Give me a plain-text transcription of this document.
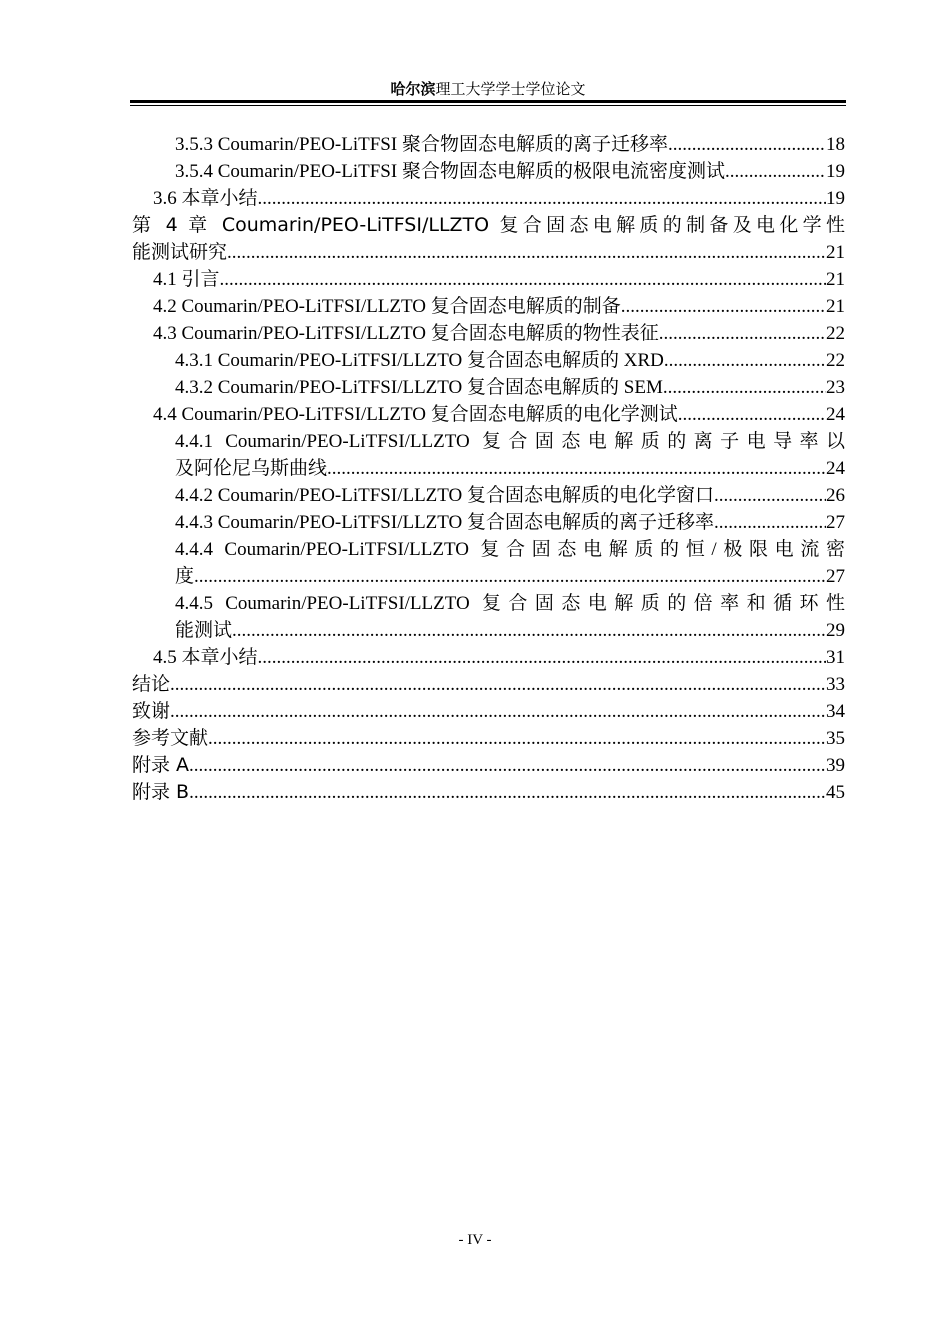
哈尔滨理工大学学士学位论文
3.5.3 Coumarin/PEO-LiTFSI 聚合物固态电解质的离子迁移率 .....	18
3.5.4 Coumarin/PEO-LiTFSI 聚合物固态电解质的极限电流密度测试 .....	19
3.6 本章小结 .....	19
第 4 章 Coumarin/PEO-LiTFSI/LLZTO 复合固态电解质的制备及电化学性
能测试研究 .....	21
4.1 引言 .....	21
4.2 Coumarin/PEO-LiTFSI/LLZTO 复合固态电解质的制备 .....	21
4.3 Coumarin/PEO-LiTFSI/LLZTO 复合固态电解质的物性表征 .....	22
4.3.1 Coumarin/PEO-LiTFSI/LLZTO 复合固态电解质的 XRD .....	22
4.3.2 Coumarin/PEO-LiTFSI/LLZTO 复合固态电解质的 SEM .....	23
4.4 Coumarin/PEO-LiTFSI/LLZTO 复合固态电解质的电化学测试 .....	24
4.4.1 Coumarin/PEO-LiTFSI/LLZTO 复合固态电解质的离子电导率以
及阿伦尼乌斯曲线 .....	24
4.4.2 Coumarin/PEO-LiTFSI/LLZTO 复合固态电解质的电化学窗口 .....	26
4.4.3 Coumarin/PEO-LiTFSI/LLZTO 复合固态电解质的离子迁移率 .....	27
4.4.4 Coumarin/PEO-LiTFSI/LLZTO 复合固态电解质的恒/极限电流密
度 .....	27
4.4.5 Coumarin/PEO-LiTFSI/LLZTO 复合固态电解质的倍率和循环性
能测试 .....	29
4.5 本章小结 .....	31
结论 .....	33
致谢 .....	34
参考文献 .....	35
附录 A .....	39
附录 B .....	45
- IV -
